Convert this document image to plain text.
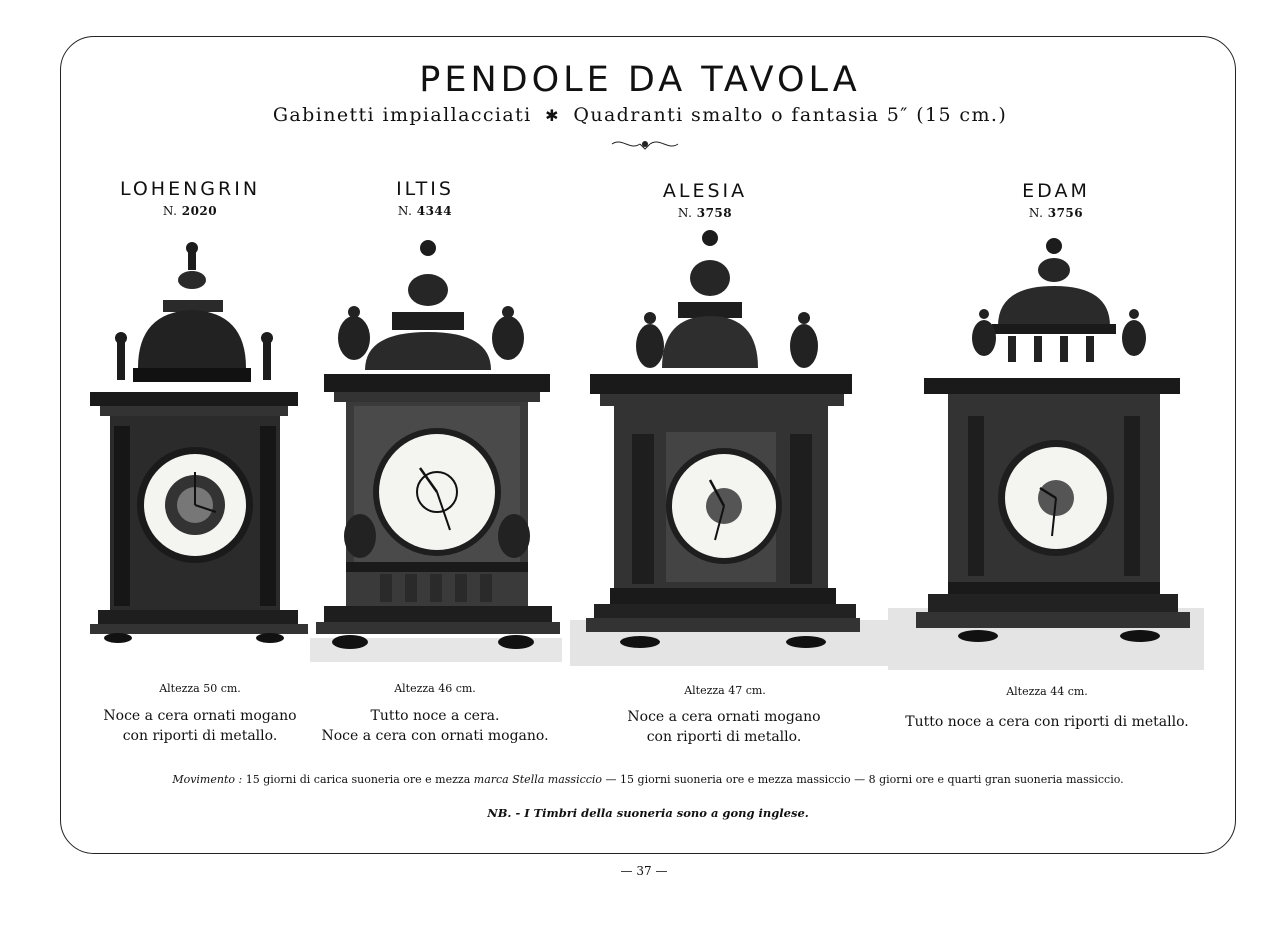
PENDOLE DA TAVOLA
Gabinetti impiallacciati ✱ Quadranti smalto o fantasia 5″ (15 cm.)
LOHENGRIN
N. 2020
Altezza 50 cm.
Noce a cera ornati mogano
con riporti di metallo.
ILTIS
N. 4344
Altezza 46 cm.
Tutto noce a cera.
Noce a cera con ornati mogano.
ALESIA
N. 3758
Altezza 47 cm.
Noce a cera ornati mogano
con riporti di metallo.
EDAM
N. 3756
Altezza 44 cm.
Tutto noce a cera con riporti di metallo.
Movimento : 15 giorni di carica suoneria ore e mezza marca Stella massiccio — 15 giorni suoneria ore e mezza massiccio — 8 giorni ore e quarti gran suoneria massiccio.
NB. - I Timbri della suoneria sono a gong inglese.
— 37 —
